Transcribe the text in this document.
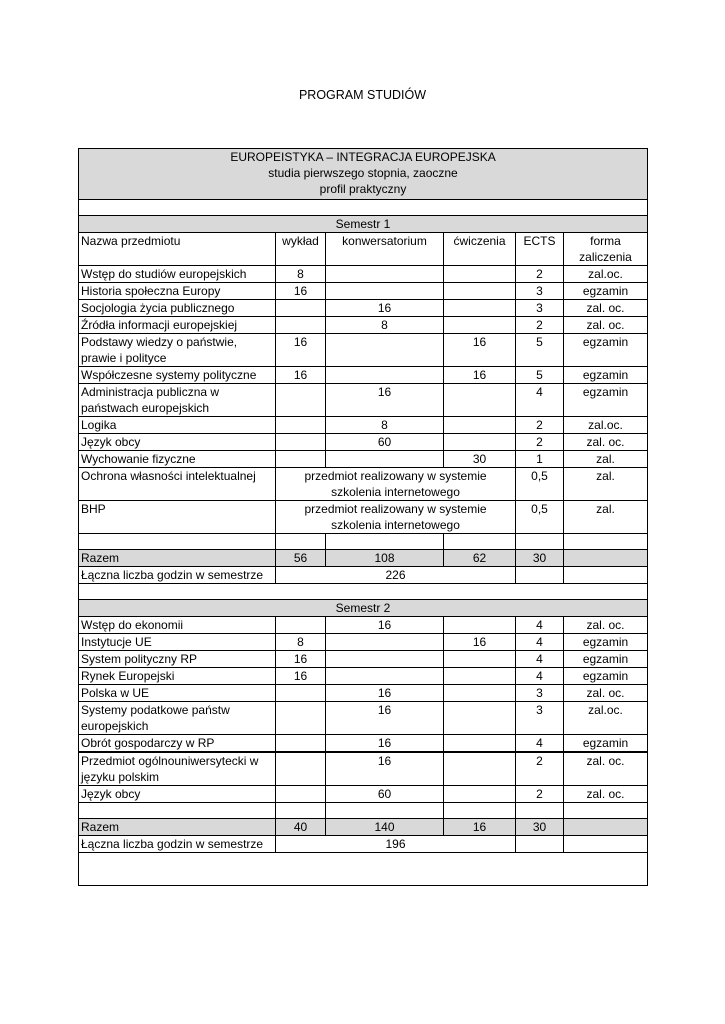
PROGRAM STUDIÓW
EUROPEISTYKA – INTEGRACJA EUROPEJSKA
studia pierwszego stopnia, zaoczne
profil praktyczny					

Semestr 1					
Nazwa przedmiotu	wykład	konwersatorium	ćwiczenia	ECTS	forma
zaliczenia

Wstęp do studiów europejskich	8			2	zal.oc.
Historia społeczna Europy	16			3	egzamin
Socjologia życia publicznego		16		3	zal. oc.
Źródła informacji europejskiej		8		2	zal. oc.
Podstawy wiedzy o państwie, prawie i polityce	16		16	5	egzamin
Współczesne systemy polityczne	16		16	5	egzamin
Administracja publiczna w państwach europejskich		16		4	egzamin
Logika		8		2	zal.oc.
Język obcy		60		2	zal. oc.
Wychowanie fizyczne			30	1	zal.
Ochrona własności intelektualnej	przedmiot realizowany w systemie szkolenia internetowego			0,5	zal.
BHP	przedmiot realizowany w systemie szkolenia internetowego			0,5	zal.

Razem	56	108	62	30	
Łączna liczba godzin w semestrze	226				

Semestr 2					
Wstęp do ekonomii		16		4	zal. oc.
Instytucje UE	8		16	4	egzamin
System polityczny RP	16			4	egzamin
Rynek Europejski	16			4	egzamin
Polska w UE		16		3	zal. oc.
Systemy podatkowe państw europejskich		16		3	zal.oc.
Obrót gospodarczy w RP		16		4	egzamin

Przedmiot ogólnouniwersytecki w języku polskim		16		2	zal. oc.
Język obcy		60		2	zal. oc.

Razem	40	140	16	30	
Łączna liczba godzin w semestrze	196				
